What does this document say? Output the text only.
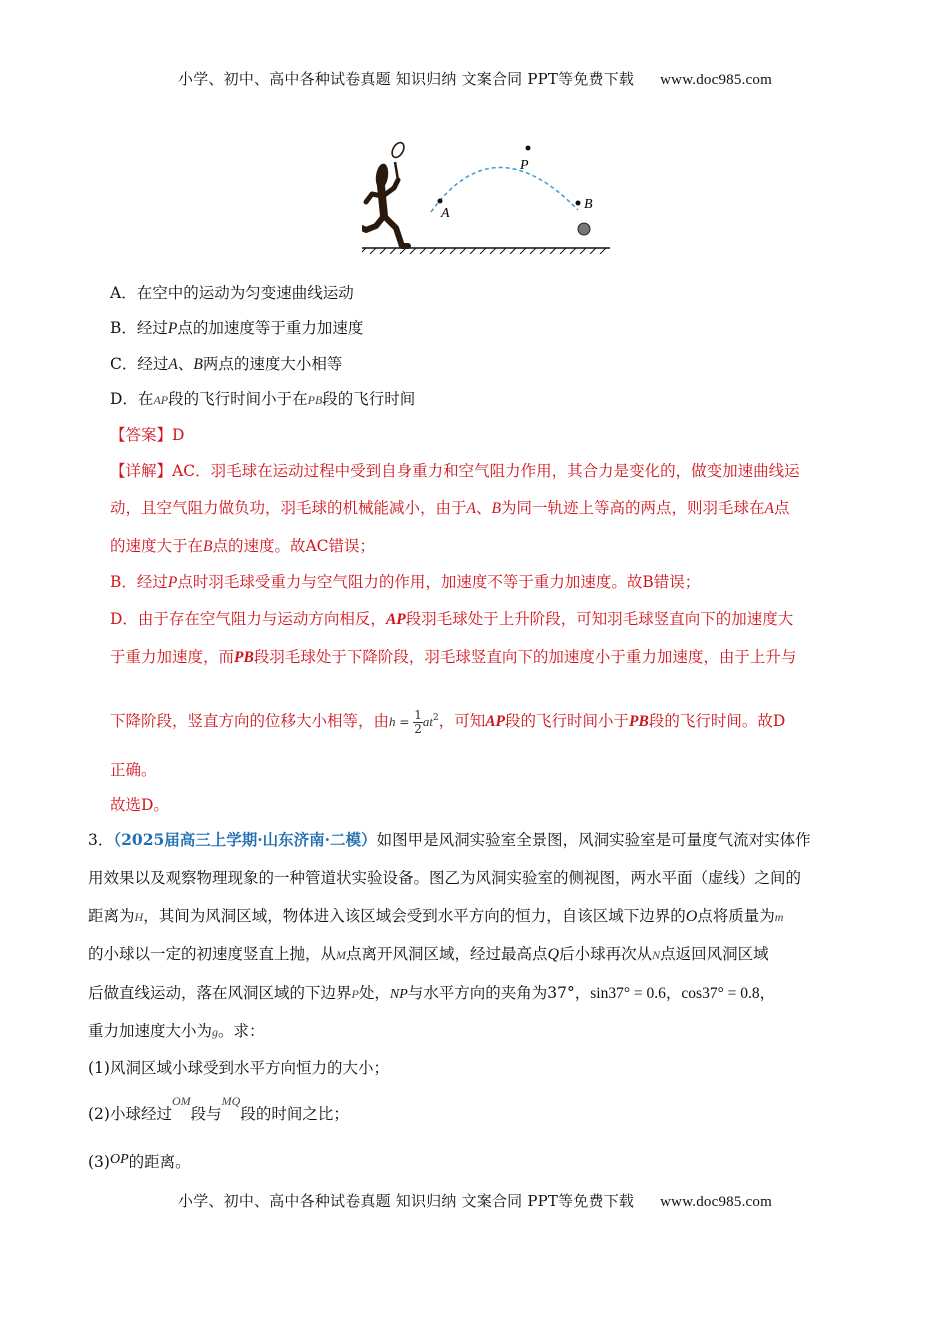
小学、初中、高中各种试卷真题 知识归纳 文案合同 PPT等免费下载 www.doc985.com
A
P
B
A．在空中的运动为匀变速曲线运动
B．经过P点的加速度等于重力加速度
C．经过A、B两点的速度大小相等
D．在AP段的飞行时间小于在PB段的飞行时间
【答案】D
【详解】AC．羽毛球在运动过程中受到自身重力和空气阻力作用，其合力是变化的，做变加速曲线运
动，且空气阻力做负功，羽毛球的机械能减小，由于A、B为同一轨迹上等高的两点，则羽毛球在A点
的速度大于在B点的速度。故AC错误；
B．经过P点时羽毛球受重力与空气阻力的作用，加速度不等于重力加速度。故B错误；
D．由于存在空气阻力与运动方向相反，AP段羽毛球处于上升阶段，可知羽毛球竖直向下的加速度大
于重力加速度，而PB段羽毛球处于下降阶段，羽毛球竖直向下的加速度小于重力加速度，由于上升与
下降阶段，竖直方向的位移大小相等，由$h = \frac{1}{2} at^2$，可知AP段的飞行时间小于PB段的飞行时间。故D
正确。
故选D。
3．（2025届高三上学期·山东济南·二模）如图甲是风洞实验室全景图，风洞实验室是可量度气流对实体作
用效果以及观察物理现象的一种管道状实验设备。图乙为风洞实验室的侧视图，两水平面（虚线）之间的
距离为H，其间为风洞区域，物体进入该区域会受到水平方向的恒力，自该区域下边界的O点将质量为m
的小球以一定的初速度竖直上抛，从M点离开风洞区域，经过最高点Q后小球再次从N点返回风洞区域
后做直线运动，落在风洞区域的下边界P处，NP与水平方向的夹角为37°，sin37° = 0.6，cos37° = 0.8，
重力加速度大小为g。求：
(1)风洞区域小球受到水平方向恒力的大小；
(2)小球经过$^{OM}$段与$^{MQ}$段的时间之比；
(3)OP的距离。
小学、初中、高中各种试卷真题 知识归纳 文案合同 PPT等免费下载 www.doc985.com
